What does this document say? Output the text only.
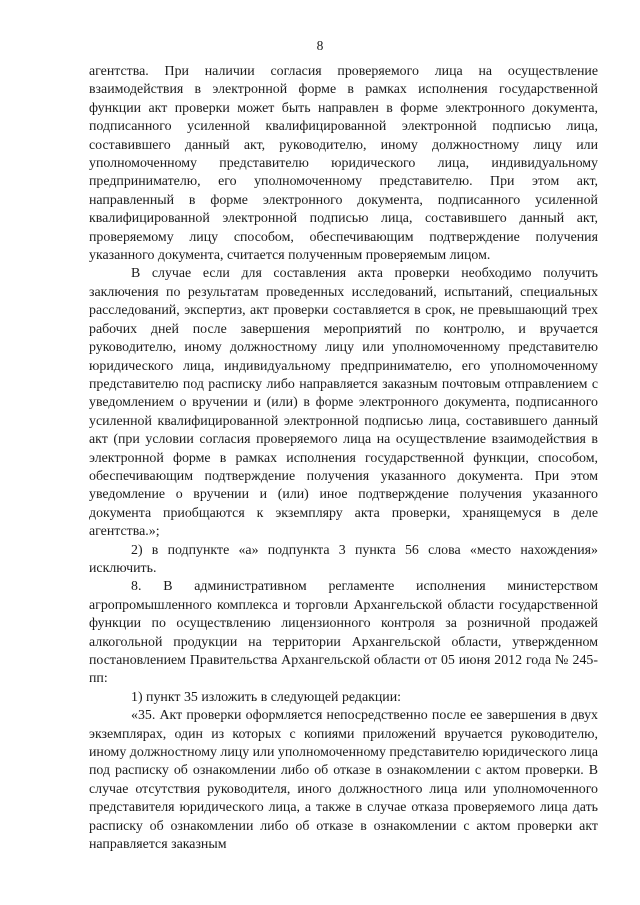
8

агентства. При наличии согласия проверяемого лица на осуществление взаимодействия в электронной форме в рамках исполнения государственной функции акт проверки может быть направлен в форме электронного документа, подписанного усиленной квалифицированной электронной подписью лица, составившего данный акт, руководителю, иному должностному лицу или уполномоченному представителю юридического лица, индивидуальному предпринимателю, его уполномоченному представителю. При этом акт, направленный в форме электронного документа, подписанного усиленной квалифицированной электронной подписью лица, составившего данный акт, проверяемому лицу способом, обеспечивающим подтверждение получения указанного документа, считается полученным проверяемым лицом.

В случае если для составления акта проверки необходимо получить заключения по результатам проведенных исследований, испытаний, специальных расследований, экспертиз, акт проверки составляется в срок, не превышающий трех рабочих дней после завершения мероприятий по контролю, и вручается руководителю, иному должностному лицу или уполномоченному представителю юридического лица, индивидуальному предпринимателю, его уполномоченному представителю под расписку либо направляется заказным почтовым отправлением с уведомлением о вручении и (или) в форме электронного документа, подписанного усиленной квалифицированной электронной подписью лица, составившего данный акт (при условии согласия проверяемого лица на осуществление взаимодействия в электронной форме в рамках исполнения государственной функции, способом, обеспечивающим подтверждение получения указанного документа. При этом уведомление о вручении и (или) иное подтверждение получения указанного документа приобщаются к экземпляру акта проверки, хранящемуся в деле агентства.»;

2) в подпункте «а» подпункта 3 пункта 56 слова «место нахождения» исключить.

8. В административном регламенте исполнения министерством агропромышленного комплекса и торговли Архангельской области государственной функции по осуществлению лицензионного контроля за розничной продажей алкогольной продукции на территории Архангельской области, утвержденном постановлением Правительства Архангельской области от 05 июня 2012 года № 245-пп:

1) пункт 35 изложить в следующей редакции:

«35. Акт проверки оформляется непосредственно после ее завершения в двух экземплярах, один из которых с копиями приложений вручается руководителю, иному должностному лицу или уполномоченному представителю юридического лица под расписку об ознакомлении либо об отказе в ознакомлении с актом проверки. В случае отсутствия руководителя, иного должностного лица или уполномоченного представителя юридического лица, а также в случае отказа проверяемого лица дать расписку об ознакомлении либо об отказе в ознакомлении с актом проверки акт направляется заказным
